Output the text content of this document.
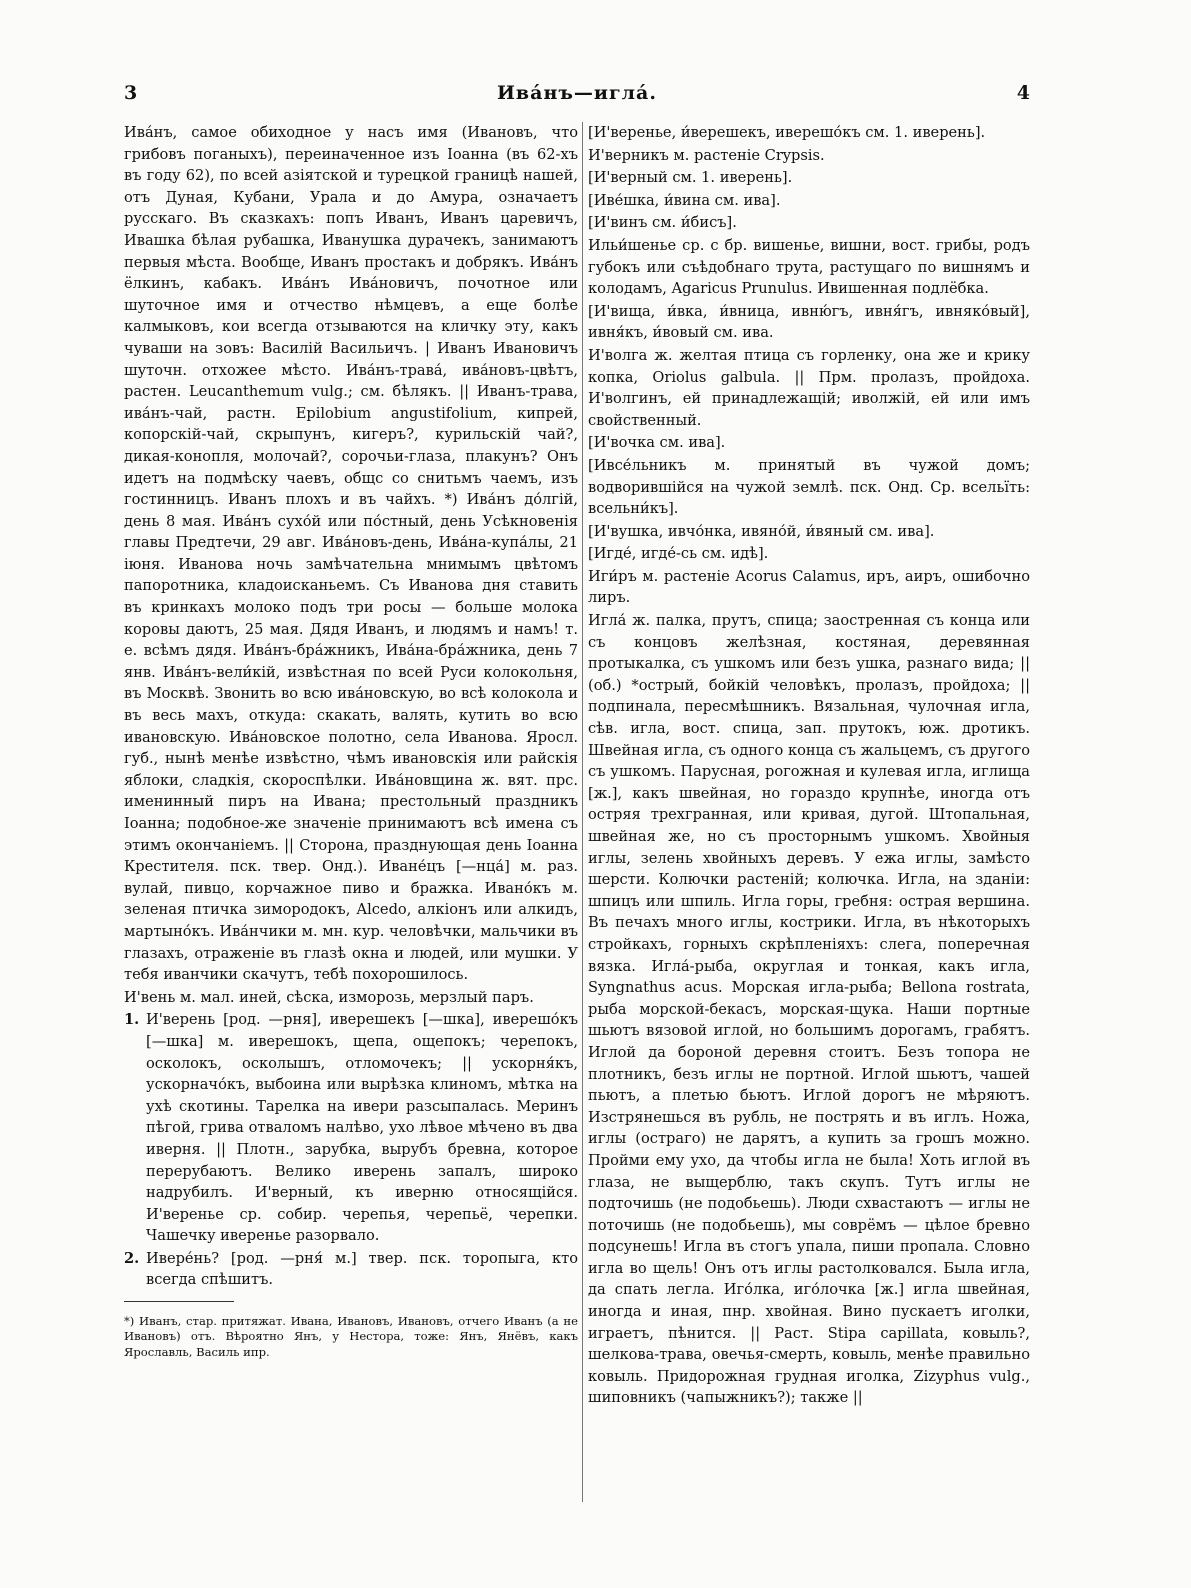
3	Ива́нъ—игла́.	4

Ива́нъ, самое обиходное у насъ имя (Ивановъ, что грибовъ поганыхъ), переиначенное изъ Іоанна (въ 62-хъ въ году 62), по всей азіятской и турецкой границѣ нашей, отъ Дуная, Кубани, Урала и до Амура, означаетъ русскаго. Въ сказкахъ: попъ Иванъ, Иванъ царевичъ, Ивашка бѣлая рубашка, Иванушка дурачекъ, занимаютъ первыя мѣста. Вообще, Иванъ простакъ и добрякъ. Ива́нъ ёлкинъ, кабакъ. Ива́нъ Ива́новичъ, почотное или шуточное имя и отчество нѣмцевъ, а еще болѣе калмыковъ, кои всегда отзываются на кличку эту, какъ чуваши на зовъ: Василій Васильичъ. | Иванъ Ивановичъ шуточн. отхожее мѣсто. Ива́нъ-трава́, ива́новъ-цвѣтъ, растен. Leucanthemum vulg.; см. бѣлякъ. || Иванъ-трава, ива́нъ-чай, растн. Epilobium angustifolium, кипрей, копорскій-чай, скрыпунъ, кигеръ?, курильскій чай?, дикая-конопля, молочай?, сорочьи-глаза, плакунъ? Онъ идетъ на подмѣску чаевъ, общс со снитьмъ чаемъ, изъ гостинницъ. Иванъ плохъ и въ чайхъ. *) Ива́нъ до́лгій, день 8 мая. Ива́нъ сухо́й или по́стный, день Усѣкновенія главы Предтечи, 29 авг. Ива́новъ-день, Ива́на-купа́лы, 21 іюня. Иванова ночь замѣчательна мнимымъ цвѣтомъ папоротника, кладоисканьемъ. Съ Иванова дня ставить въ кринкахъ молоко подъ три росы — больше молока коровы даютъ, 25 мая. Дядя Иванъ, и людямъ и намъ! т. е. всѣмъ дядя. Ива́нъ-бра́жникъ, Ива́на-бра́жника, день 7 янв. Ива́нъ-вели́кій, извѣстная по всей Руси колокольня, въ Москвѣ. Звонить во всю ива́новскую, во всѣ колокола и въ весь махъ, откуда: скакать, валять, кутить во всю ивановскую. Ива́новское полотно, села Иванова. Яросл. губ., нынѣ менѣе извѣстно, чѣмъ ивановскія или райскія яблоки, сладкія, скороспѣлки. Ива́новщина ж. вят. прс. именинный пиръ на Ивана; престольный праздникъ Іоанна; подобное-же значеніе принимаютъ всѣ имена съ этимъ окончаніемъ. || Сторона, празднующая день Іоанна Крестителя. пск. твер. Онд.). Иване́цъ [—нца́] м. раз. вулай, пивцо, корчажное пиво и бражка. Ивано́къ м. зеленая птичка зимородокъ, Alcedo, алкіонъ или алкидъ, мартыно́къ. Ива́нчики м. мн. кур. человѣчки, мальчики въ глазахъ, отраженіе въ глазѣ окна и людей, или мушки. У тебя иванчики скачутъ, тебѣ похорошилось.

И'вень м. мал. иней, сѣска, изморозь, мерзлый паръ.

1. И'верень [род. —рня], иверешекъ [—шка], иверешо́къ [—шка] м. иверешокъ, щепа, ощепокъ; черепокъ, осколокъ, осколышъ, отломочекъ; || ускорня́къ, ускорначо́къ, выбоина или вырѣзка клиномъ, мѣтка на ухѣ скотины. Тарелка на ивери разсыпалась. Меринъ пѣгой, грива отваломъ налѣво, ухо лѣвое мѣчено въ два иверня. || Плотн., зарубка, вырубъ бревна, которое перерубаютъ. Велико иверень запалъ, широко надрубилъ. И'верный, къ иверню относящійся. И'веренье ср. собир. черепья, черепьё, черепки. Чашечку иверенье разорвало.
2. Ивере́нь? [род. —рня́ м.] твер. пск. торопыга, кто всегда спѣшитъ.

*) Иванъ, стар. притяжат. Ивана, Ивановъ, Ивановъ, отчего Иванъ (а не Ивановъ) отъ. Вѣроятно Янъ, у Нестора, тоже: Янъ, Янёвъ, какъ Ярославль, Василь ипр.

[И'веренье, и́верешекъ, иверешо́къ см. 1. иверень].

И'верникъ м. растеніе Crypsis.

[И'верный см. 1. иверень].

[Иве́шка, и́вина см. ива].

[И'винъ см. и́бисъ].

Ильи́шенье ср. с бр. вишенье, вишни, вост. грибы, родъ губокъ или съѣдобнаго трута, растущаго по вишнямъ и колодамъ, Agaricus Prunulus. Ивишенная подлёбка.

[И'вища, и́вка, и́вница, ивню́гъ, ивня́гъ, ивняко́вый], ивня́къ, и́вовый см. ива.

И'волга ж. желтая птица съ горленку, она же и крику копка, Oriolus galbula. || Прм. пролазъ, пройдоха. И'волгинъ, ей принадлежащій; иволжій, ей или имъ свойственный.

[И'вочка см. ива].

[Ивсе́льникъ м. принятый въ чужой домъ; водворившійся на чужой землѣ. пск. Онд. Ср. всельїть: всельни́къ].

[И'вушка, ивчо́нка, ивяно́й, и́вяный см. ива].

[Игде́, игде́-сь см. идѣ].

Иги́ръ м. растеніе Acorus Calamus, иръ, аиръ, ошибочно лиръ.

Игла́ ж. палка, прутъ, спица; заостренная съ конца или съ концовъ желѣзная, костяная, деревянная протыкалка, съ ушкомъ или безъ ушка, разнаго вида; || (об.) *острый, бойкій человѣкъ, пролазъ, пройдоха; || подпиналa, пересмѣшникъ. Вязальная, чулочная игла, сѣв. игла, вост. спица, зап. прутокъ, юж. дротикъ. Швейная игла, съ одного конца съ жальцемъ, съ другого съ ушкомъ. Парусная, рогожная и кулевая игла, иглища [ж.], какъ швейная, но гораздо крупнѣе, иногда отъ остряя трехгранная, или кривая, дугой. Штопальная, швейная же, но съ просторнымъ ушкомъ. Хвойныя иглы, зелень хвойныхъ деревъ. У ежа иглы, замѣсто шерсти. Колючки растеній; колючка. Игла, на зданіи: шпицъ или шпиль. Игла горы, гребня: острая вершина. Въ печахъ много иглы, кострики. Игла, въ нѣкоторыхъ стройкахъ, горныхъ скрѣпленіяхъ: слега, поперечная вязка. Игла́-рыба, округлая и тонкая, какъ игла, Syngnathus acus. Морская игла-рыба; Bellona rostrata, рыба морской-бекасъ, морская-щука. Наши портные шьютъ вязовой иглой, но большимъ дорогамъ, грабятъ. Иглой да бороной деревня стоитъ. Безъ топора не плотникъ, безъ иглы не портной. Иглой шьютъ, чашей пьютъ, а плетью бьютъ. Иглой дорогъ не мѣряютъ. Изстрянешься въ рубль, не пострять и въ иглъ. Ножа, иглы (остраго) не дарятъ, а купить за грошъ можно. Пройми ему ухо, да чтобы игла не была! Хоть иглой въ глаза, не выщерблю, такъ скупъ. Тутъ иглы не подточишь (не подобьешь). Люди схвастаютъ — иглы не поточишь (не подобьешь), мы соврёмъ — цѣлое бревно подсунешь! Игла въ стогъ упала, пиши пропала. Словно игла во щель! Онъ отъ иглы растолковался. Была игла, да спать легла. Иго́лка, иго́лочка [ж.] игла швейная, иногда и иная, пнр. хвойная. Вино пускаетъ иголки, играетъ, пѣнится. || Раст. Stipa capillata, ковыль?, шелкова-трава, овечья-смерть, ковыль, менѣе правильно ковыль. Придорожная грудная иголка, Zizyphus vulg., шиповникъ (чапыжникъ?); также ||
